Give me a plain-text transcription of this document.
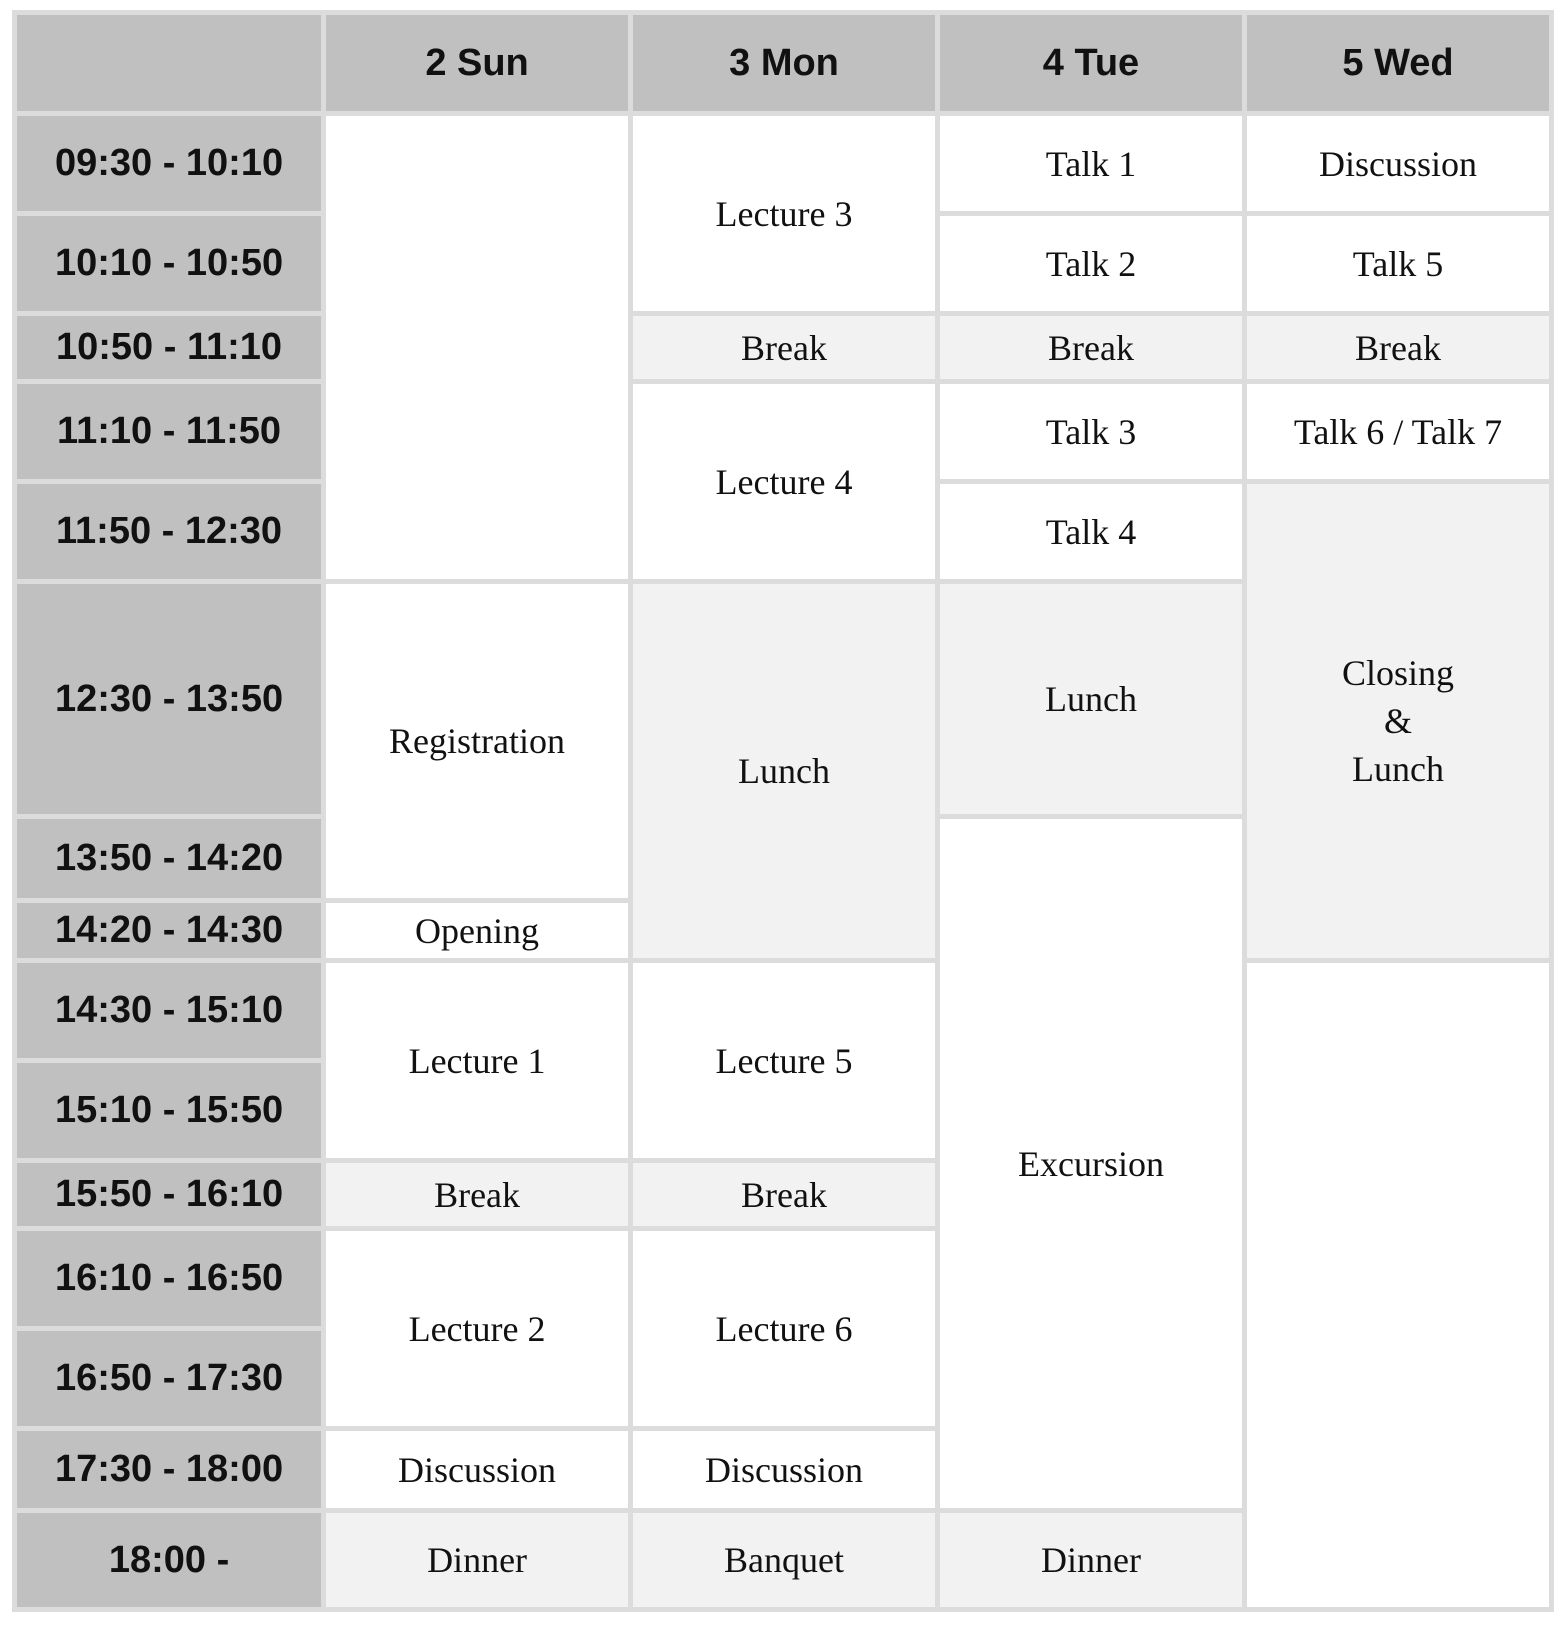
	2 Sun	3 Mon	4 Tue	5 Wed
09:30 - 10:10		Lecture 3	Talk 1	Discussion
10:10 - 10:50			Talk 2	Talk 5
10:50 - 11:10		Break	Break	Break
11:10 - 11:50		Lecture 4	Talk 3	Talk 6 / Talk 7
11:50 - 12:30			Talk 4	Closing
&
Lunch

12:30 - 13:50	Registration	Lunch	Lunch	
13:50 - 14:20			Excursion	
14:20 - 14:30	Opening			
14:30 - 15:10	Lecture 1	Lecture 5		
15:10 - 15:50				
15:50 - 16:10	Break	Break		
16:10 - 16:50	Lecture 2	Lecture 6		
16:50 - 17:30				
17:30 - 18:00	Discussion	Discussion		
18:00 -	Dinner	Banquet	Dinner	
